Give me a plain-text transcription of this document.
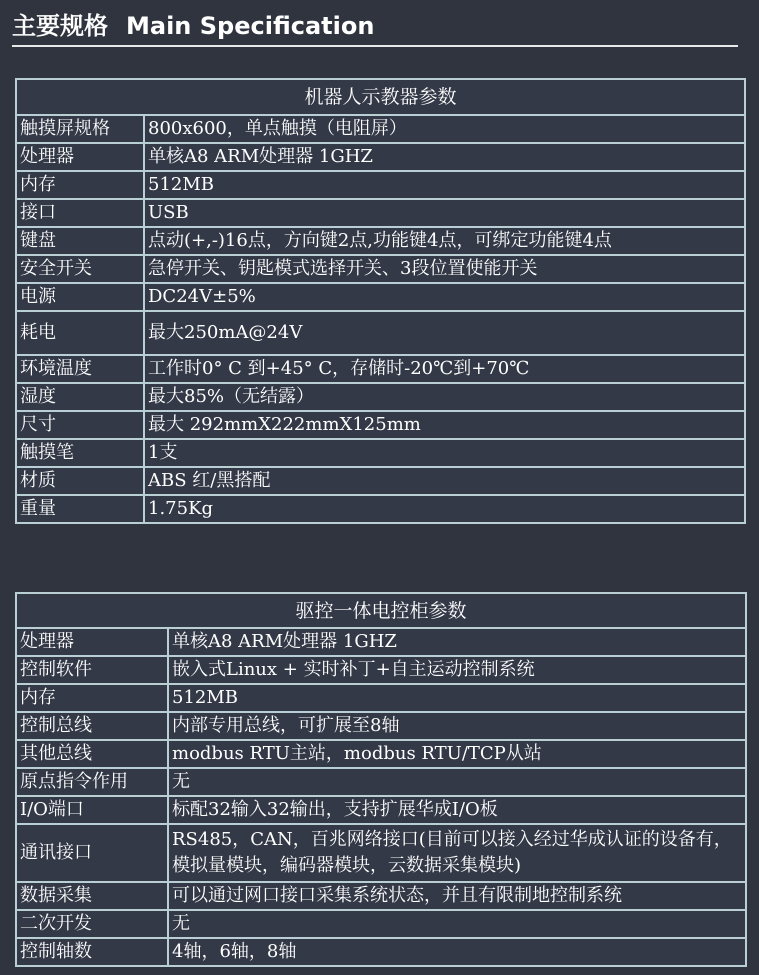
主要规格 Main Specification
机器人示教器参数	
触摸屏规格	800x600，单点触摸（电阻屏）
处理器	单核A8 ARM处理器 1GHZ
内存	512MB
接口	USB
键盘	点动(+,-)16点，方向键2点,功能键4点，可绑定功能键4点
安全开关	急停开关、钥匙模式选择开关、3段位置使能开关
电源	DC24V±5%
耗电	最大250mA@24V
环境温度	工作时0° C 到+45° C，存储时-20℃到+70℃
湿度	最大85%（无结露）
尺寸	最大 292mmX222mmX125mm
触摸笔	1支
材质	ABS 红/黑搭配
重量	1.75Kg
驱控一体电控柜参数	
处理器	单核A8 ARM处理器 1GHZ
控制软件	嵌入式Linux + 实时补丁+自主运动控制系统
内存	512MB
控制总线	内部专用总线，可扩展至8轴
其他总线	modbus RTU主站，modbus RTU/TCP从站
原点指令作用	无
I/O端口	标配32输入32输出，支持扩展华成I/O板
通讯接口	RS485，CAN，百兆网络接口(目前可以接入经过华成认证的设备有，模拟量模块，编码器模块，云数据采集模块)
数据采集	可以通过网口接口采集系统状态，并且有限制地控制系统
二次开发	无
控制轴数	4轴，6轴，8轴
